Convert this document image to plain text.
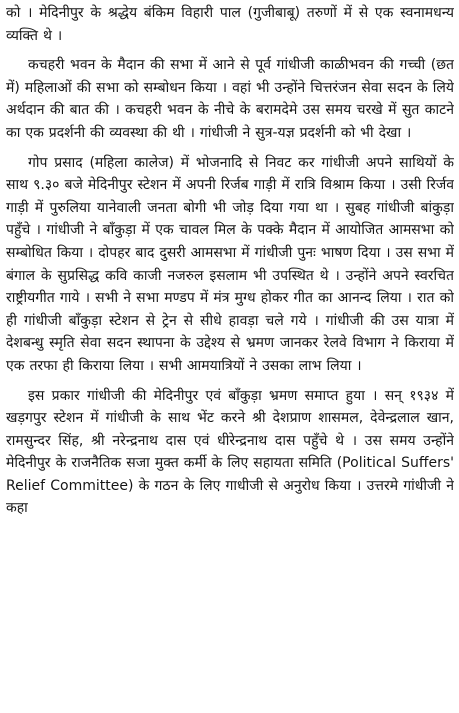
को । मेदिनीपुर के श्रद्धेय बंकिम विहारी पाल (गुजीबाबू) तरुणों में से एक स्वनामधन्य व्यक्ति थे ।

कचहरी भवन के मैदान की सभा में आने से पूर्व गांधीजी काळीभवन की गच्ची (छत में) महिलाओं की सभा को सम्बोधन किया । वहां भी उन्होंने चित्तरंजन सेवा सदन के लिये अर्थदान की बात की । कचहरी भवन के नीचे के बरामदेमे उस समय चरखे में सुत काटने का एक प्रदर्शनी की व्यवस्था की थी । गांधीजी ने सुत्र-यज्ञ प्रदर्शनी को भी देखा ।

गोप प्रसाद (महिला कालेज) में भोजनादि से निवट कर गांधीजी अपने साथियों के साथ ९.३० बजे मेदिनीपुर स्टेशन में अपनी रिर्जब गाड़ी में रात्रि विश्राम किया । उसी रिर्जव गाड़ी में पुरुलिया यानेवाली जनता बोगी भी जोड़ दिया गया था । सुबह गांधीजी बांकुड़ा पहुँचे । गांधीजी ने बाँकुड़ा में एक चावल मिल के पक्के मैदान में आयोजित आमसभा को सम्बोधित किया । दोपहर बाद दुसरी आमसभा में गांधीजी पुनः भाषण दिया । उस सभा में बंगाल के सुप्रसिद्ध कवि काजी नजरुल इसलाम भी उपस्थित थे । उन्होंने अपने स्वरचित राष्ट्रीयगीत गाये । सभी ने सभा मण्डप में मंत्र मुग्ध होकर गीत का आनन्द लिया । रात को ही गांधीजी बाँकुड़ा स्टेशन से ट्रेन से सीधे हावड़ा चले गये । गांधीजी की उस यात्रा में देशबन्धु स्मृति सेवा सदन स्थापना के उद्देश्य से भ्रमण जानकर रेलवे विभाग ने किराया में एक तरफा ही किराया लिया । सभी आमयात्रियों ने उसका लाभ लिया ।

इस प्रकार गांधीजी की मेदिनीपुर एवं बाँकुड़ा भ्रमण समाप्त हुया । सन् १९३४ में खड़गपुर स्टेशन में गांधीजी के साथ भेंट करने श्री देशप्राण शासमल, देवेन्द्रलाल खान, रामसुन्दर सिंह, श्री नरेन्द्रनाथ दास एवं धीरेन्द्रनाथ दास पहुँचे थे । उस समय उन्होंने मेदिनीपुर के राजनैतिक सजा मुक्त कर्मी के लिए सहायता समिति (Political Suffers' Relief Committee) के गठन के लिए गाधीजी से अनुरोध किया । उत्तरमे गांधीजी ने कहा
